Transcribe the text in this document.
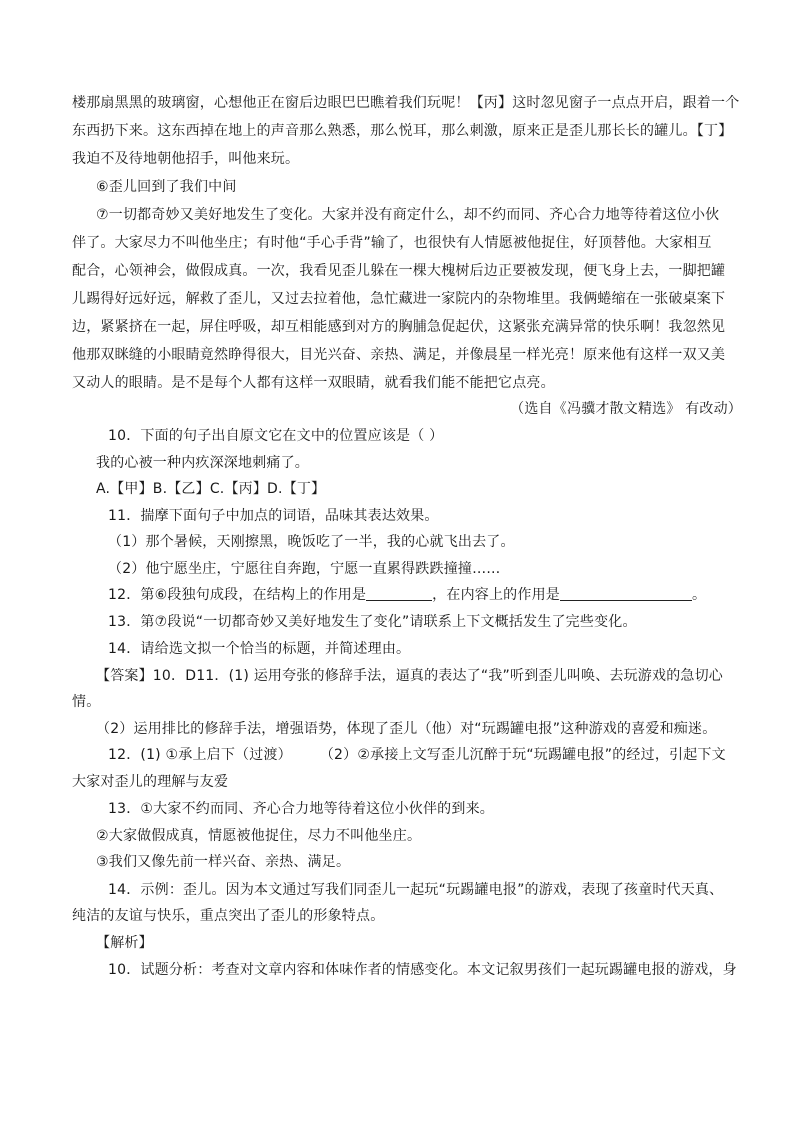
楼那扇黑黑的玻璃窗，心想他正在窗后边眼巴巴瞧着我们玩呢！【丙】这时忽见窗子一点点开启，跟着一个
东西扔下来。这东西掉在地上的声音那么熟悉，那么悦耳，那么刺激，原来正是歪儿那长长的罐儿。【丁】
我迫不及待地朝他招手，叫他来玩。
⑥歪儿回到了我们中间
⑦一切都奇妙又美好地发生了变化。大家并没有商定什么，却不约而同、齐心合力地等待着这位小伙
伴了。大家尽力不叫他坐庄；有时他“手心手背”输了，也很快有人情愿被他捉住，好顶替他。大家相互
配合，心领神会，做假成真。一次，我看见歪儿躲在一棵大槐树后边正要被发现，便飞身上去，一脚把罐
儿踢得好远好远，解救了歪儿，又过去拉着他，急忙藏进一家院内的杂物堆里。我俩蜷缩在一张破桌案下
边，紧紧挤在一起，屏住呼吸，却互相能感到对方的胸脯急促起伏，这紧张充满异常的快乐啊！我忽然见
他那双眯缝的小眼睛竟然睁得很大，目光兴奋、亲热、满足，并像晨星一样光亮！原来他有这样一双又美
又动人的眼睛。是不是每个人都有这样一双眼睛，就看我们能不能把它点亮。
（选自《冯骥才散文精选》 有改动）
10．下面的句子出自原文它在文中的位置应该是（ ）
我的心被一种内疚深深地刺痛了。
A.【甲】B.【乙】C.【丙】D.【丁】
11．揣摩下面句子中加点的词语，品味其表达效果。
（1）那个暑候，天刚擦黑，晚饭吃了一半，我的心就飞出去了。
（2）他宁愿坐庄，宁愿往自奔跑，宁愿一直累得跌跌撞撞……
12．第⑥段独句成段，在结构上的作用是	，在内容上的作用是	。
13．第⑦段说“一切都奇妙又美好地发生了变化”请联系上下文概括发生了完些变化。
14．请给选文拟一个恰当的标题，并简述理由。
【答案】10．D11．(1) 运用夸张的修辞手法，逼真的表达了“我”听到歪儿叫唤、去玩游戏的急切心
情。
（2）运用排比的修辞手法，增强语势，体现了歪儿（他）对“玩踢罐电报”这种游戏的喜爱和痴迷。
12．(1) ①承上启下（过渡） （2）②承接上文写歪儿沉醉于玩“玩踢罐电报”的经过，引起下文
大家对歪儿的理解与友爱
13．①大家不约而同、齐心合力地等待着这位小伙伴的到来。
②大家做假成真，情愿被他捉住，尽力不叫他坐庄。
③我们又像先前一样兴奋、亲热、满足。
14．示例：歪儿。因为本文通过写我们同歪儿一起玩“玩踢罐电报”的游戏，表现了孩童时代天真、
纯洁的友谊与快乐，重点突出了歪儿的形象特点。
【解析】
10．试题分析：考查对文章内容和体味作者的情感变化。本文记叙男孩们一起玩踢罐电报的游戏，身
